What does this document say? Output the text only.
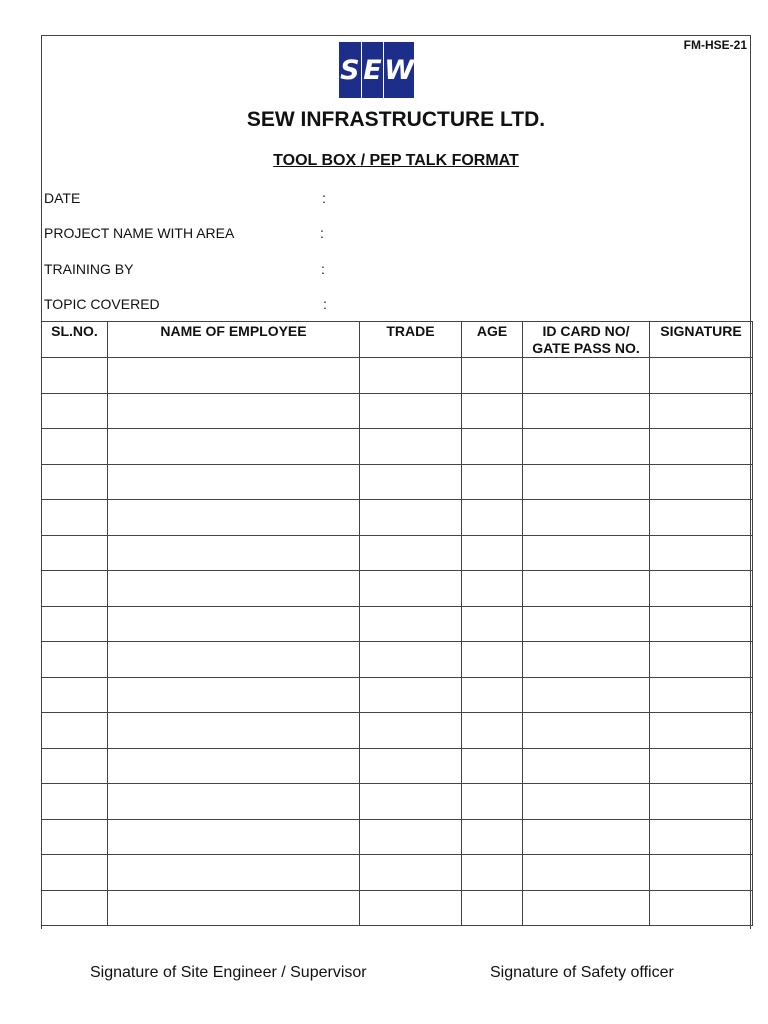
FM-HSE-21
S E W
SEW INFRASTRUCTURE LTD.
TOOL BOX / PEP TALK FORMAT
DATE	:
PROJECT NAME WITH AREA	:
TRAINING BY	:
TOPIC COVERED	:
SL.NO.	NAME OF EMPLOYEE	TRADE	AGE	ID CARD NO/ GATE PASS NO.	SIGNATURE

Signature of Site Engineer / Supervisor	Signature of Safety officer
